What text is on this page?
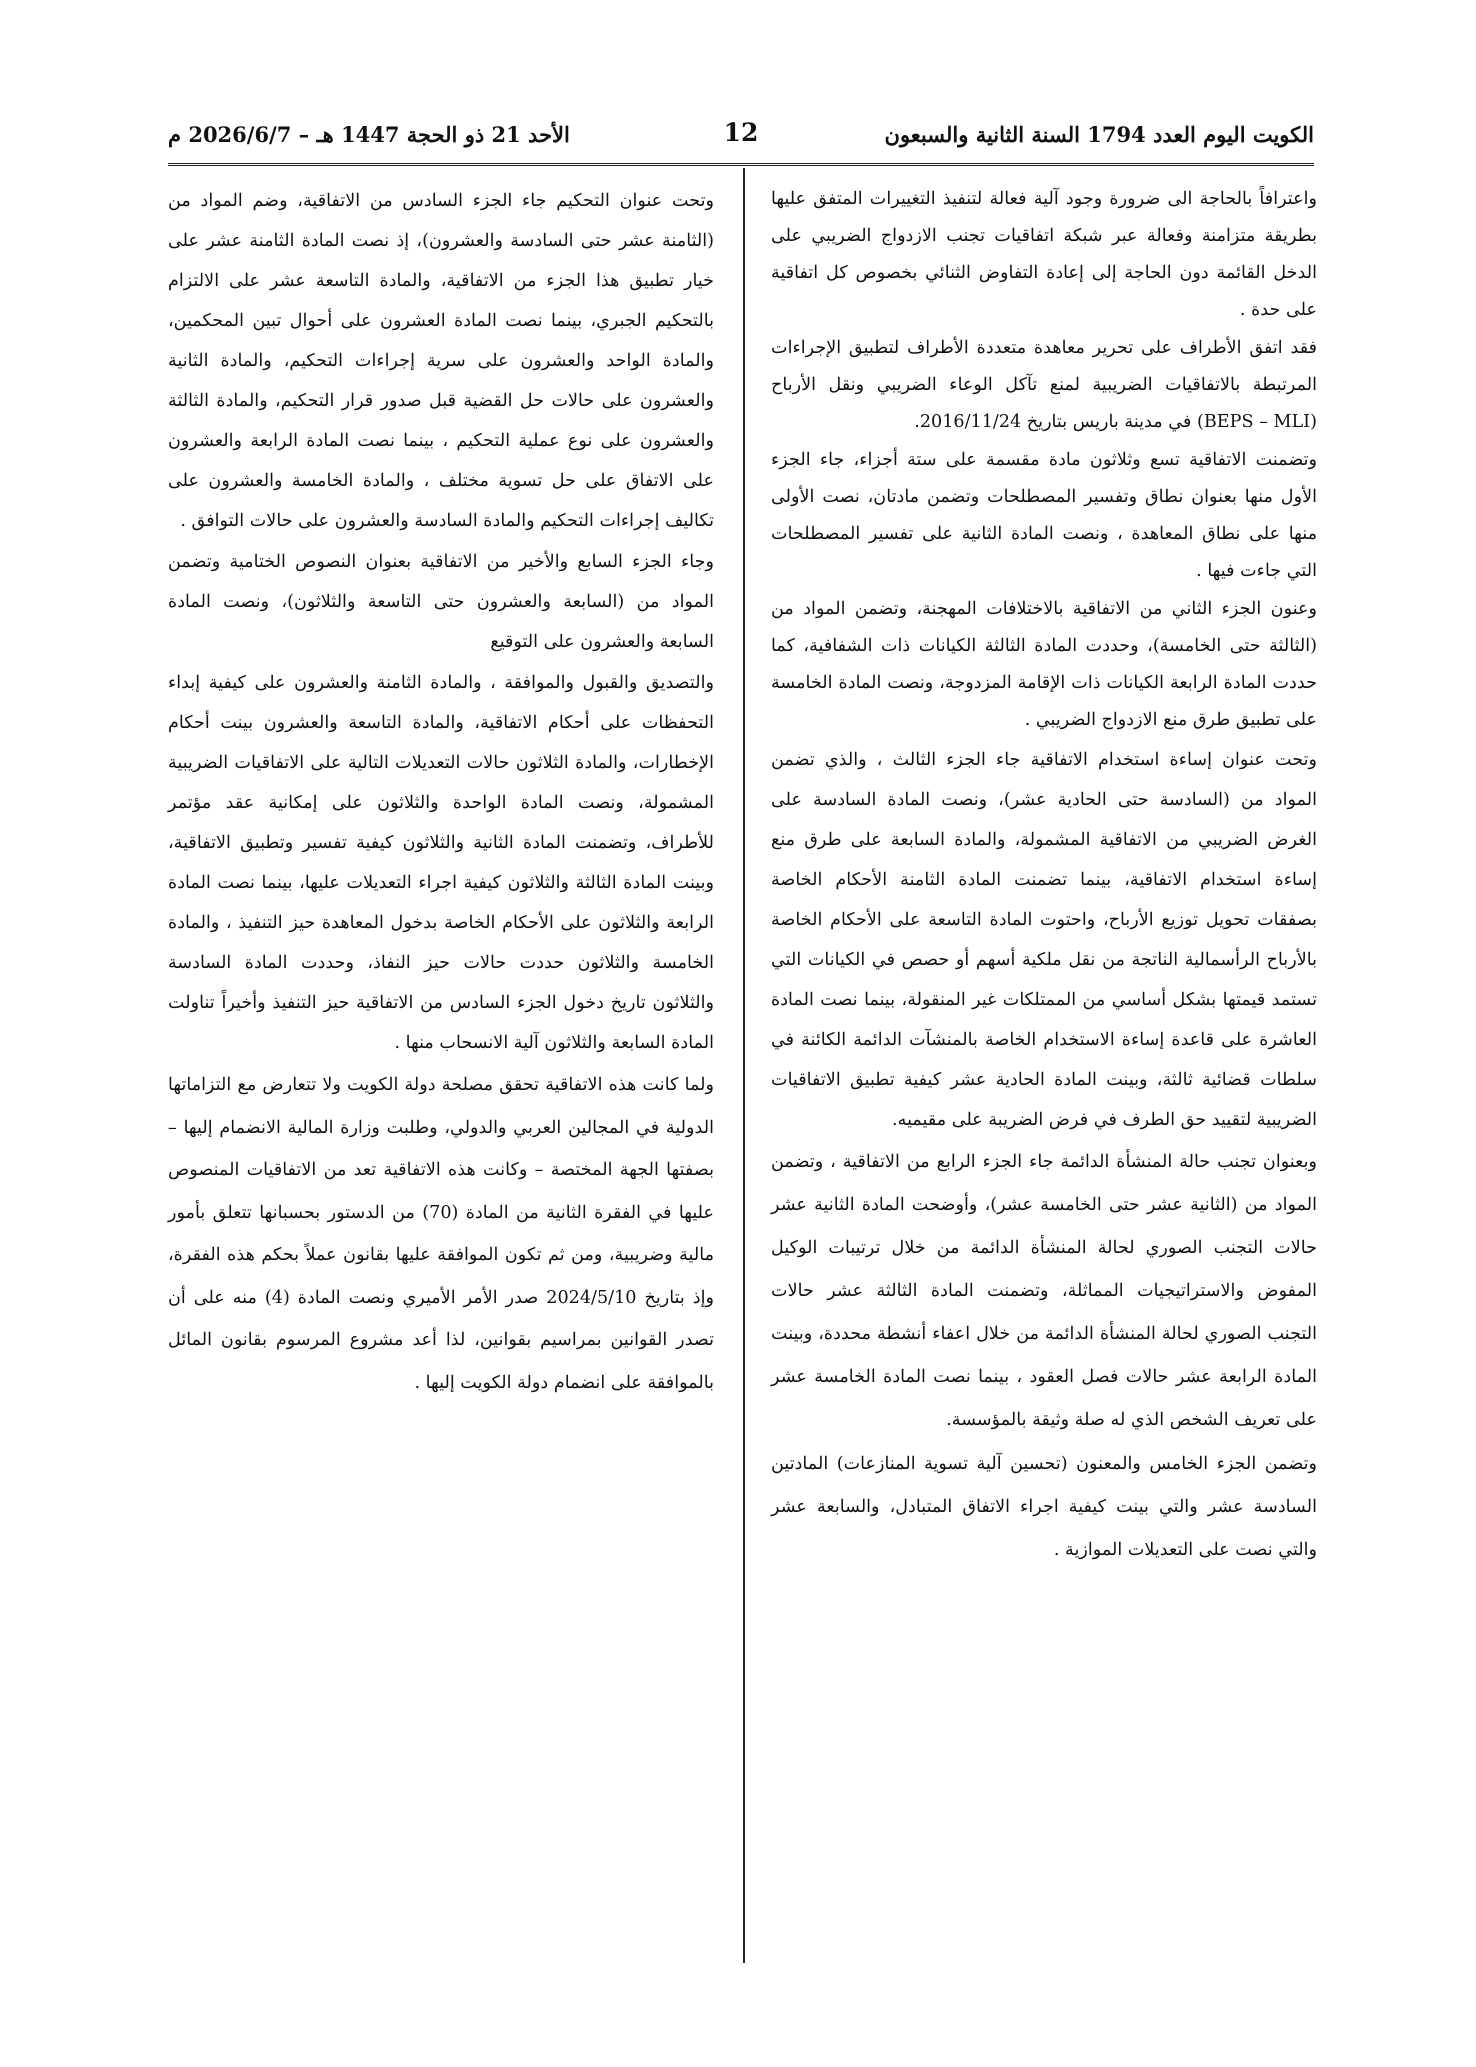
الكويت اليوم العدد 1794 السنة الثانية والسبعون
12
الأحد 21 ذو الحجة 1447 هـ – 2026/6/7 م

واعترافاً بالحاجة الى ضرورة وجود آلية فعالة لتنفيذ التغييرات المتفق عليها بطريقة متزامنة وفعالة عبر شبكة اتفاقيات تجنب الازدواج الضريبي على الدخل القائمة دون الحاجة إلى إعادة التفاوض الثنائي بخصوص كل اتفاقية على حدة .

فقد اتفق الأطراف على تحرير معاهدة متعددة الأطراف لتطبيق الإجراءات المرتبطة بالاتفاقيات الضريبية لمنع تآكل الوعاء الضريبي ونقل الأرباح (BEPS – MLI) في مدينة باريس بتاريخ 2016/11/24.

وتضمنت الاتفاقية تسع وثلاثون مادة مقسمة على ستة أجزاء، جاء الجزء الأول منها بعنوان نطاق وتفسير المصطلحات وتضمن مادتان، نصت الأولى منها على نطاق المعاهدة ، ونصت المادة الثانية على تفسير المصطلحات التي جاءت فيها .

وعنون الجزء الثاني من الاتفاقية بالاختلافات المهجنة، وتضمن المواد من (الثالثة حتى الخامسة)، وحددت المادة الثالثة الكيانات ذات الشفافية، كما حددت المادة الرابعة الكيانات ذات الإقامة المزدوجة، ونصت المادة الخامسة على تطبيق طرق منع الازدواج الضريبي .

وتحت عنوان إساءة استخدام الاتفاقية جاء الجزء الثالث ، والذي تضمن المواد من (السادسة حتى الحادية عشر)، ونصت المادة السادسة على الغرض الضريبي من الاتفاقية المشمولة، والمادة السابعة على طرق منع إساءة استخدام الاتفاقية، بينما تضمنت المادة الثامنة الأحكام الخاصة بصفقات تحويل توزيع الأرباح، واحتوت المادة التاسعة على الأحكام الخاصة بالأرباح الرأسمالية الناتجة من نقل ملكية أسهم أو حصص في الكيانات التي تستمد قيمتها بشكل أساسي من الممتلكات غير المنقولة، بينما نصت المادة العاشرة على قاعدة إساءة الاستخدام الخاصة بالمنشآت الدائمة الكائنة في سلطات قضائية ثالثة، وبينت المادة الحادية عشر كيفية تطبيق الاتفاقيات الضريبية لتقييد حق الطرف في فرض الضريبة على مقيميه.

وبعنوان تجنب حالة المنشأة الدائمة جاء الجزء الرابع من الاتفاقية ، وتضمن المواد من (الثانية عشر حتى الخامسة عشر)، وأوضحت المادة الثانية عشر حالات التجنب الصوري لحالة المنشأة الدائمة من خلال ترتيبات الوكيل المفوض والاستراتيجيات المماثلة، وتضمنت المادة الثالثة عشر حالات التجنب الصوري لحالة المنشأة الدائمة من خلال اعفاء أنشطة محددة، وبينت المادة الرابعة عشر حالات فصل العقود ، بينما نصت المادة الخامسة عشر على تعريف الشخص الذي له صلة وثيقة بالمؤسسة.

وتضمن الجزء الخامس والمعنون (تحسين آلية تسوية المنازعات) المادتين السادسة عشر والتي بينت كيفية اجراء الاتفاق المتبادل، والسابعة عشر والتي نصت على التعديلات الموازية .

وتحت عنوان التحكيم جاء الجزء السادس من الاتفاقية، وضم المواد من (الثامنة عشر حتى السادسة والعشرون)، إذ نصت المادة الثامنة عشر على خيار تطبيق هذا الجزء من الاتفاقية، والمادة التاسعة عشر على الالتزام بالتحكيم الجبري، بينما نصت المادة العشرون على أحوال تبين المحكمين، والمادة الواحد والعشرون على سرية إجراءات التحكيم، والمادة الثانية والعشرون على حالات حل القضية قبل صدور قرار التحكيم، والمادة الثالثة والعشرون على نوع عملية التحكيم ، بينما نصت المادة الرابعة والعشرون على الاتفاق على حل تسوية مختلف ، والمادة الخامسة والعشرون على تكاليف إجراءات التحكيم والمادة السادسة والعشرون على حالات التوافق .

وجاء الجزء السابع والأخير من الاتفاقية بعنوان النصوص الختامية وتضمن المواد من (السابعة والعشرون حتى التاسعة والثلاثون)، ونصت المادة السابعة والعشرون على التوقيع

والتصديق والقبول والموافقة ، والمادة الثامنة والعشرون على كيفية إبداء التحفظات على أحكام الاتفاقية، والمادة التاسعة والعشرون بينت أحكام الإخطارات، والمادة الثلاثون حالات التعديلات التالية على الاتفاقيات الضريبية المشمولة، ونصت المادة الواحدة والثلاثون على إمكانية عقد مؤتمر للأطراف، وتضمنت المادة الثانية والثلاثون كيفية تفسير وتطبيق الاتفاقية، وبينت المادة الثالثة والثلاثون كيفية اجراء التعديلات عليها، بينما نصت المادة الرابعة والثلاثون على الأحكام الخاصة بدخول المعاهدة حيز التنفيذ ، والمادة الخامسة والثلاثون حددت حالات حيز النفاذ، وحددت المادة السادسة والثلاثون تاريخ دخول الجزء السادس من الاتفاقية حيز التنفيذ وأخيراً تناولت المادة السابعة والثلاثون آلية الانسحاب منها .

ولما كانت هذه الاتفاقية تحقق مصلحة دولة الكويت ولا تتعارض مع التزاماتها الدولية في المجالين العربي والدولي، وطلبت وزارة المالية الانضمام إليها – بصفتها الجهة المختصة – وكانت هذه الاتفاقية تعد من الاتفاقيات المنصوص عليها في الفقرة الثانية من المادة (70) من الدستور بحسبانها تتعلق بأمور مالية وضريبية، ومن ثم تكون الموافقة عليها بقانون عملاً بحكم هذه الفقرة، وإذ بتاريخ 2024/5/10 صدر الأمر الأميري ونصت المادة (4) منه على أن تصدر القوانين بمراسيم بقوانين، لذا أعد مشروع المرسوم بقانون المائل بالموافقة على انضمام دولة الكويت إليها .
